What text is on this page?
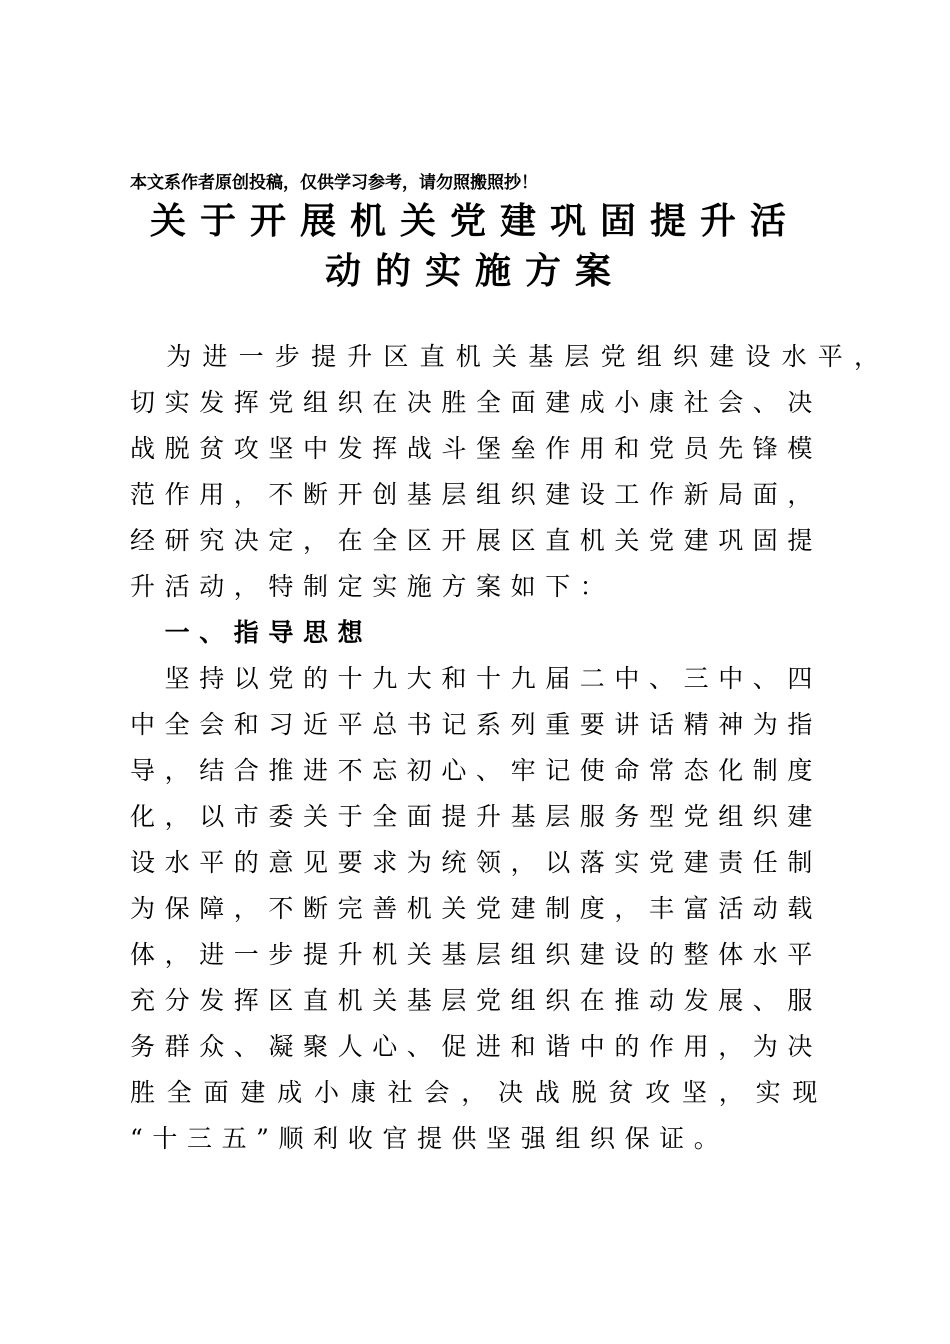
本文系作者原创投稿，仅供学习参考，请勿照搬照抄！
关于开展机关党建巩固提升活
动的实施方案
　为进一步提升区直机关基层党组织建设水平，
切实发挥党组织在决胜全面建成小康社会、决
战脱贫攻坚中发挥战斗堡垒作用和党员先锋模
范作用，不断开创基层组织建设工作新局面，
经研究决定，在全区开展区直机关党建巩固提
升活动，特制定实施方案如下：
　一、指导思想
　坚持以党的十九大和十九届二中、三中、四
中全会和习近平总书记系列重要讲话精神为指
导，结合推进不忘初心、牢记使命常态化制度
化，以市委关于全面提升基层服务型党组织建
设水平的意见要求为统领，以落实党建责任制
为保障，不断完善机关党建制度，丰富活动载
体，进一步提升机关基层组织建设的整体水平
充分发挥区直机关基层党组织在推动发展、服
务群众、凝聚人心、促进和谐中的作用，为决
胜全面建成小康社会，决战脱贫攻坚，实现
“十三五”顺利收官提供坚强组织保证。
